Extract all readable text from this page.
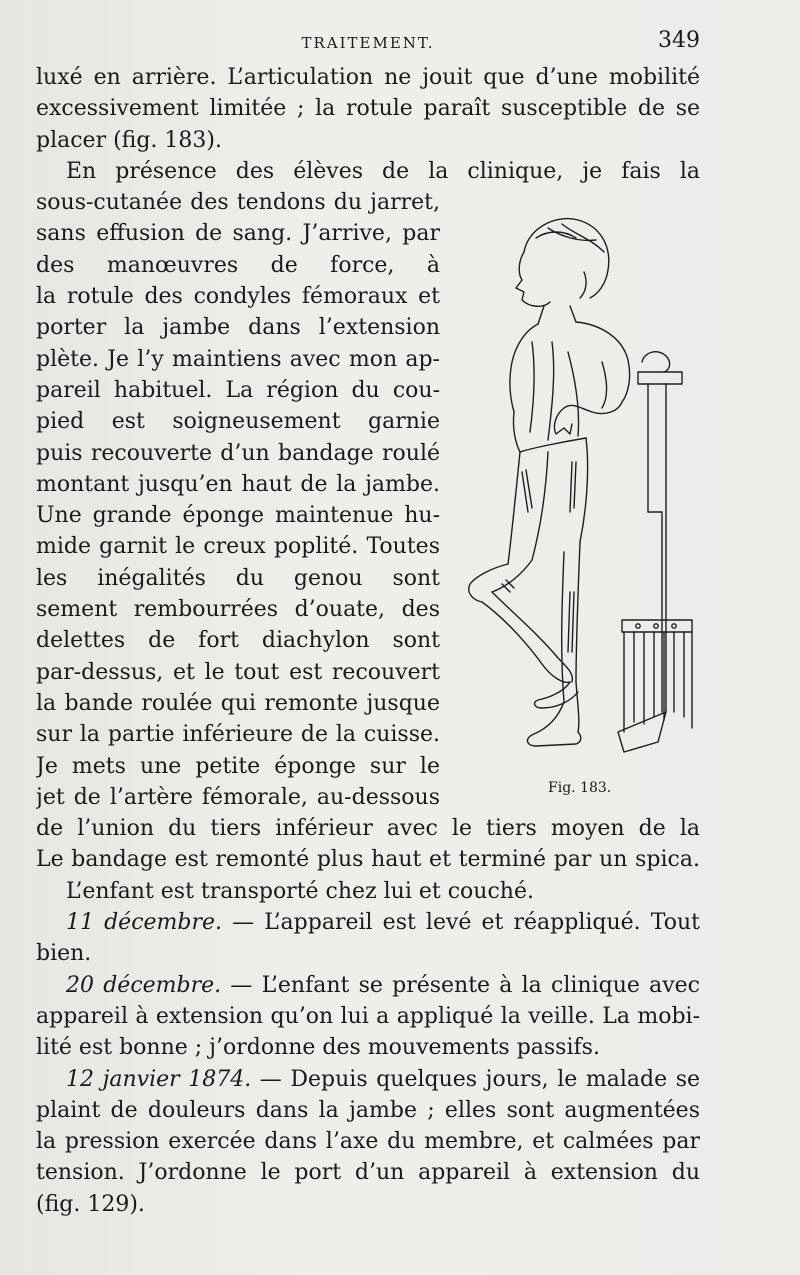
TRAITEMENT.	349
luxé en arrière. L’articulation ne jouit que d’une mobilité
excessivement limitée ; la rotule paraît susceptible de se
placer (fig. 183).
En présence des élèves de la clinique, je fais la
sous-cutanée des tendons du jarret,
sans effusion de sang. J’arrive, par
des manœuvres de force, à
la rotule des condyles fémoraux et
porter la jambe dans l’extension
plète. Je l’y maintiens avec mon ap-
pareil habituel. La région du cou-
pied est soigneusement garnie
puis recouverte d’un bandage roulé
montant jusqu’en haut de la jambe.
Une grande éponge maintenue hu-
mide garnit le creux poplité. Toutes
les inégalités du genou sont
sement rembourrées d’ouate, des
delettes de fort diachylon sont
par-dessus, et le tout est recouvert
la bande roulée qui remonte jusque
sur la partie inférieure de la cuisse.
Je mets une petite éponge sur le
jet de l’artère fémorale, au-dessous
de l’union du tiers inférieur avec le tiers moyen de la
Le bandage est remonté plus haut et terminé par un spica.
L’enfant est transporté chez lui et couché.
11 décembre. — L’appareil est levé et réappliqué. Tout
bien.
20 décembre. — L’enfant se présente à la clinique avec
appareil à extension qu’on lui a appliqué la veille. La mobi-
lité est bonne ; j’ordonne des mouvements passifs.
12 janvier 1874. — Depuis quelques jours, le malade se
plaint de douleurs dans la jambe ; elles sont augmentées
la pression exercée dans l’axe du membre, et calmées par
tension. J’ordonne le port d’un appareil à extension du
(fig. 129).
Fig. 183.
